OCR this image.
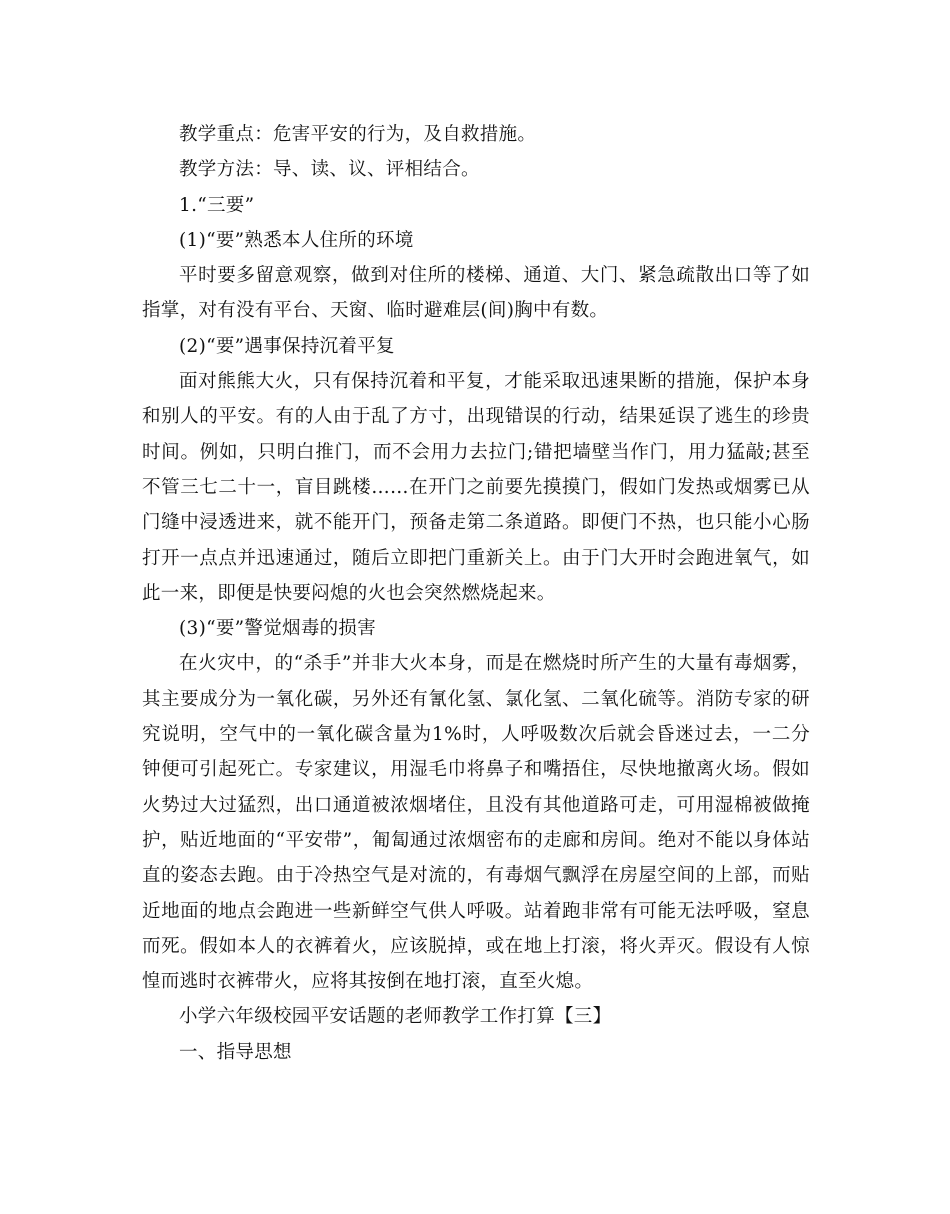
教学重点：危害平安的行为，及自救措施。

教学方法：导、读、议、评相结合。

1.“三要”

(1)“要”熟悉本人住所的环境

平时要多留意观察，做到对住所的楼梯、通道、大门、紧急疏散出口等了如指掌，对有没有平台、天窗、临时避难层(间)胸中有数。

(2)“要”遇事保持沉着平复

面对熊熊大火，只有保持沉着和平复，才能采取迅速果断的措施，保护本身和别人的平安。有的人由于乱了方寸，出现错误的行动，结果延误了逃生的珍贵时间。例如，只明白推门，而不会用力去拉门;错把墙壁当作门，用力猛敲;甚至不管三七二十一，盲目跳楼……在开门之前要先摸摸门，假如门发热或烟雾已从门缝中浸透进来，就不能开门，预备走第二条道路。即便门不热，也只能小心肠打开一点点并迅速通过，随后立即把门重新关上。由于门大开时会跑进氧气，如此一来，即便是快要闷熄的火也会突然燃烧起来。

(3)“要”警觉烟毒的损害

在火灾中，的“杀手”并非大火本身，而是在燃烧时所产生的大量有毒烟雾，其主要成分为一氧化碳，另外还有氰化氢、氯化氢、二氧化硫等。消防专家的研究说明，空气中的一氧化碳含量为1%时，人呼吸数次后就会昏迷过去，一二分钟便可引起死亡。专家建议，用湿毛巾将鼻子和嘴捂住，尽快地撤离火场。假如火势过大过猛烈，出口通道被浓烟堵住，且没有其他道路可走，可用湿棉被做掩护，贴近地面的“平安带”，匍匐通过浓烟密布的走廊和房间。绝对不能以身体站直的姿态去跑。由于冷热空气是对流的，有毒烟气飘浮在房屋空间的上部，而贴近地面的地点会跑进一些新鲜空气供人呼吸。站着跑非常有可能无法呼吸，窒息而死。假如本人的衣裤着火，应该脱掉，或在地上打滚，将火弄灭。假设有人惊惶而逃时衣裤带火，应将其按倒在地打滚，直至火熄。

小学六年级校园平安话题的老师教学工作打算【三】

一、指导思想
